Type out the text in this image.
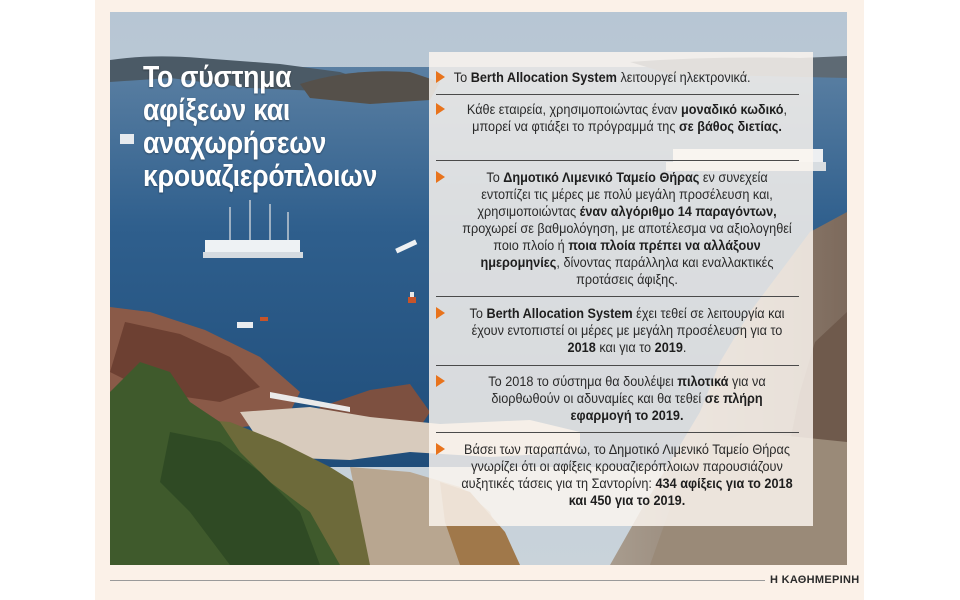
Το σύστημα
αφίξεων και
αναχωρήσεων
κρουαζιερόπλοιων
Το Berth Allocation System λειτουργεί ηλεκτρονικά.
Κάθε εταιρεία, χρησιμοποιώντας έναν μοναδικό κωδικό, μπορεί να φτιάξει το πρόγραμμά της σε βάθος διετίας.
Το Δημοτικό Λιμενικό Ταμείο Θήρας εν συνεχεία εντοπίζει τις μέρες με πολύ μεγάλη προσέλευση και, χρησιμοποιώντας έναν αλγόριθμο 14 παραγόντων, προχωρεί σε βαθμολόγηση, με αποτέλεσμα να αξιολογηθεί ποιο πλοίο ή ποια πλοία πρέπει να αλλάξουν ημερομηνίες, δίνοντας παράλληλα και εναλλακτικές προτάσεις άφιξης.
Το Berth Allocation System έχει τεθεί σε λειτουργία και έχουν εντοπιστεί οι μέρες με μεγάλη προσέλευση για το 2018 και για το 2019.
Το 2018 το σύστημα θα δουλέψει πιλοτικά για να διορθωθούν οι αδυναμίες και θα τεθεί σε πλήρη εφαρμογή το 2019.
Βάσει των παραπάνω, το Δημοτικό Λιμενικό Ταμείο Θήρας γνωρίζει ότι οι αφίξεις κρουαζιερόπλοιων παρουσιάζουν αυξητικές τάσεις για τη Σαντορίνη: 434 αφίξεις για το 2018 και 450 για το 2019.
Η ΚΑΘΗΜΕΡΙΝΗ
